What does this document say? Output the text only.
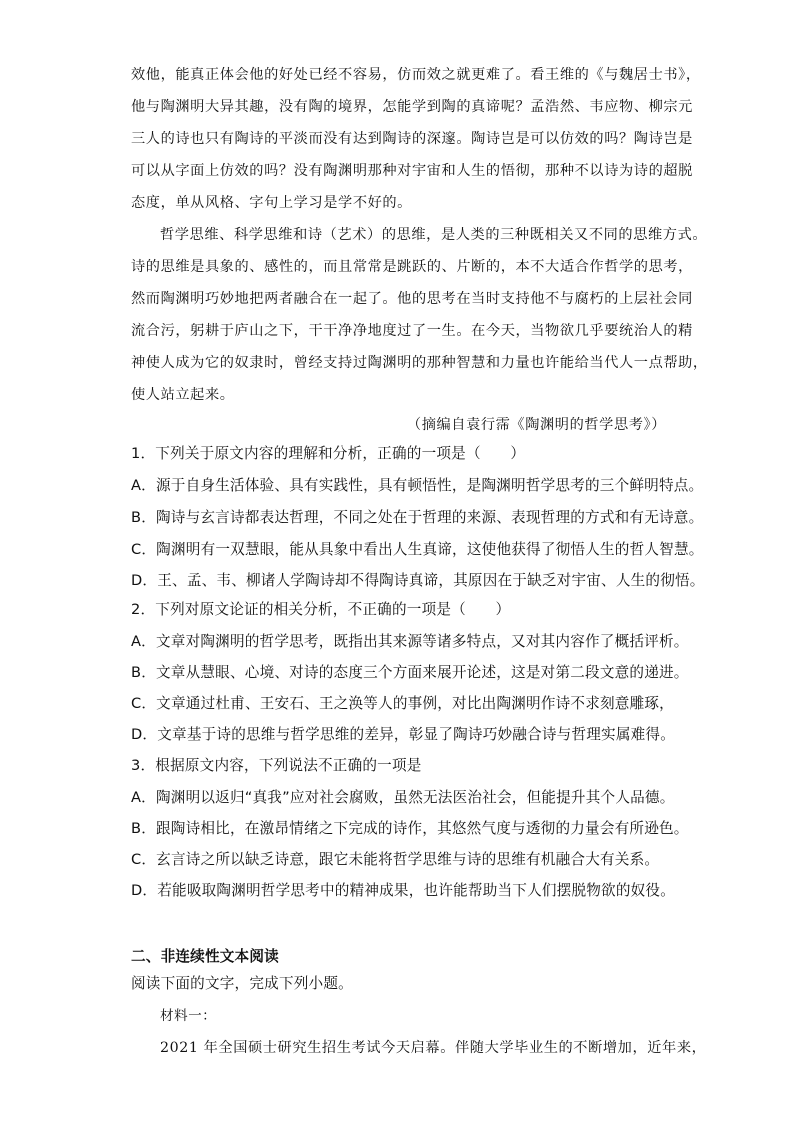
效他，能真正体会他的好处已经不容易，仿而效之就更难了。看王维的《与魏居士书》，
他与陶渊明大异其趣，没有陶的境界，怎能学到陶的真谛呢？孟浩然、韦应物、柳宗元
三人的诗也只有陶诗的平淡而没有达到陶诗的深邃。陶诗岂是可以仿效的吗？陶诗岂是
可以从字面上仿效的吗？没有陶渊明那种对宇宙和人生的悟彻，那种不以诗为诗的超脱
态度，单从风格、字句上学习是学不好的。
哲学思维、科学思维和诗（艺术）的思维，是人类的三种既相关又不同的思维方式。
诗的思维是具象的、感性的，而且常常是跳跃的、片断的，本不大适合作哲学的思考，
然而陶渊明巧妙地把两者融合在一起了。他的思考在当时支持他不与腐朽的上层社会同
流合污，躬耕于庐山之下，干干净净地度过了一生。在今天，当物欲几乎要统治人的精
神使人成为它的奴隶时，曾经支持过陶渊明的那种智慧和力量也许能给当代人一点帮助，
使人站立起来。
（摘编自袁行霈《陶渊明的哲学思考》）
1．下列关于原文内容的理解和分析，正确的一项是（　　）
A．源于自身生活体验、具有实践性，具有顿悟性，是陶渊明哲学思考的三个鲜明特点。
B．陶诗与玄言诗都表达哲理，不同之处在于哲理的来源、表现哲理的方式和有无诗意。
C．陶渊明有一双慧眼，能从具象中看出人生真谛，这使他获得了彻悟人生的哲人智慧。
D．王、孟、韦、柳诸人学陶诗却不得陶诗真谛，其原因在于缺乏对宇宙、人生的彻悟。
2．下列对原文论证的相关分析，不正确的一项是（　　）
A．文章对陶渊明的哲学思考，既指出其来源等诸多特点，又对其内容作了概括评析。
B．文章从慧眼、心境、对诗的态度三个方面来展开论述，这是对第二段文意的递进。
C．文章通过杜甫、王安石、王之涣等人的事例，对比出陶渊明作诗不求刻意雕琢，
D．文章基于诗的思维与哲学思维的差异，彰显了陶诗巧妙融合诗与哲理实属难得。
3．根据原文内容，下列说法不正确的一项是
A．陶渊明以返归“真我”应对社会腐败，虽然无法医治社会，但能提升其个人品德。
B．跟陶诗相比，在激昂情绪之下完成的诗作，其悠然气度与透彻的力量会有所逊色。
C．玄言诗之所以缺乏诗意，跟它未能将哲学思维与诗的思维有机融合大有关系。
D．若能吸取陶渊明哲学思考中的精神成果，也许能帮助当下人们摆脱物欲的奴役。
二、非连续性文本阅读
阅读下面的文字，完成下列小题。
材料一：
2021 年全国硕士研究生招生考试今天启幕。伴随大学毕业生的不断增加，近年来，
